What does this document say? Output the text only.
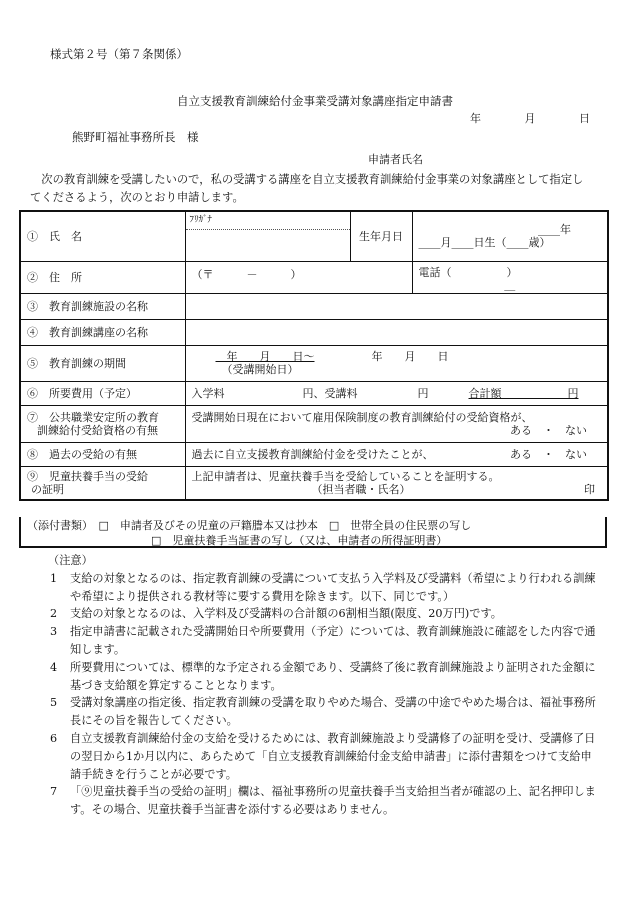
様式第２号（第７条関係）
自立支援教育訓練給付金事業受講対象講座指定申請書
年	月	日
熊野町福祉事務所長　様
申請者氏名
次の教育訓練を受講したいので，私の受講する講座を自立支援教育訓練給付金事業の対象講座として指定してくださるよう，次のとおり申請します。
①　氏　名	ﾌﾘｶﾞﾅ	生年月日	____年
____月____日生（____歳）

②　住　所	（〒　　　－　　　）		電話（　　　　　）
＿

③　教育訓練施設の名称			
④　教育訓練講座の名称			
⑤　教育訓練の期間	　年　　月　　日～ 年　　月　　日
（受講開始日）		

⑥　所要費用（予定）	入学料 円、受講料 円 合計額　　　　　　円		

⑦　公共職業安定所の教育
訓練給付受給資格の有無	受講開始日現在において雇用保険制度の教育訓練給付の受給資格が、
ある　・　ない		

⑧　過去の受給の有無	過去に自立支援教育訓練給付金を受けたことが、 ある　・　ない		

⑨　児童扶養手当の受給
の証明	上記申請者は、児童扶養手当を受給していることを証明する。
（担当者職・氏名） 印		
（添付書類）　□　申請者及びその児童の戸籍謄本又は抄本　□　世帯全員の住民票の写し
□　児童扶養手当証書の写し（又は、申請者の所得証明書）
（注意）
1 支給の対象となるのは、指定教育訓練の受講について支払う入学料及び受講料（希望により行われる訓練や希望により提供される教材等に要する費用を除きます。以下、同じです。）
2 支給の対象となるのは、入学料及び受講料の合計額の6割相当額(限度、20万円)です。
3 指定申請書に記載された受講開始日や所要費用（予定）については、教育訓練施設に確認をした内容で通知します。
4 所要費用については、標準的な予定される金額であり、受講終了後に教育訓練施設より証明された金額に基づき支給額を算定することとなります。
5 受講対象講座の指定後、指定教育訓練の受講を取りやめた場合、受講の中途でやめた場合は、福祉事務所長にその旨を報告してください。
6 自立支援教育訓練給付金の支給を受けるためには、教育訓練施設より受講修了の証明を受け、受講修了日の翌日から1か月以内に、あらためて「自立支援教育訓練給付金支給申請書」に添付書類をつけて支給申請手続きを行うことが必要です。
7 「⑨児童扶養手当の受給の証明」欄は、福祉事務所の児童扶養手当支給担当者が確認の上、記名押印します。その場合、児童扶養手当証書を添付する必要はありません。
